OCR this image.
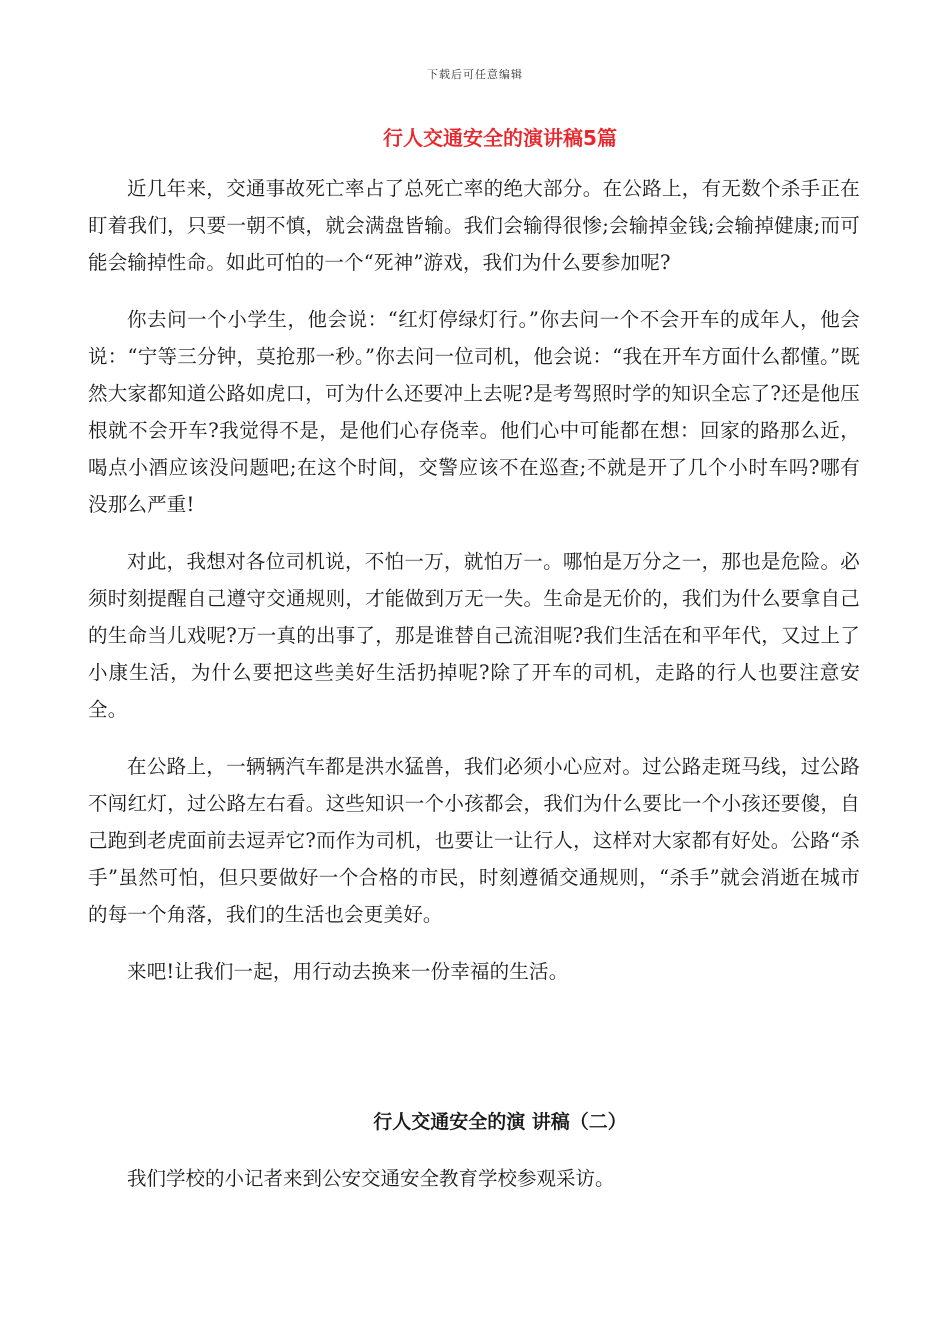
下载后可任意编辑
行人交通安全的演讲稿5篇

近几年来，交通事故死亡率占了总死亡率的绝大部分。在公路上，有无数个杀手正在盯着我们，只要一朝不慎，就会满盘皆输。我们会输得很惨;会输掉金钱;会输掉健康;而可能会输掉性命。如此可怕的一个“死神”游戏，我们为什么要参加呢?

你去问一个小学生，他会说：“红灯停绿灯行。”你去问一个不会开车的成年人，他会说：“宁等三分钟，莫抢那一秒。”你去问一位司机，他会说：“我在开车方面什么都懂。”既然大家都知道公路如虎口，可为什么还要冲上去呢?是考驾照时学的知识全忘了?还是他压根就不会开车?我觉得不是，是他们心存侥幸。他们心中可能都在想：回家的路那么近，喝点小酒应该没问题吧;在这个时间，交警应该不在巡查;不就是开了几个小时车吗?哪有没那么严重!

对此，我想对各位司机说，不怕一万，就怕万一。哪怕是万分之一，那也是危险。必须时刻提醒自己遵守交通规则，才能做到万无一失。生命是无价的，我们为什么要拿自己的生命当儿戏呢?万一真的出事了，那是谁替自己流泪呢?我们生活在和平年代，又过上了小康生活，为什么要把这些美好生活扔掉呢?除了开车的司机，走路的行人也要注意安全。

在公路上，一辆辆汽车都是洪水猛兽，我们必须小心应对。过公路走斑马线，过公路不闯红灯，过公路左右看。这些知识一个小孩都会，我们为什么要比一个小孩还要傻，自己跑到老虎面前去逗弄它?而作为司机，也要让一让行人，这样对大家都有好处。公路“杀手”虽然可怕，但只要做好一个合格的市民，时刻遵循交通规则，“杀手”就会消逝在城市的每一个角落，我们的生活也会更美好。

来吧!让我们一起，用行动去换来一份幸福的生活。

行人交通安全的演 讲稿（二）

我们学校的小记者来到公安交通安全教育学校参观采访。
